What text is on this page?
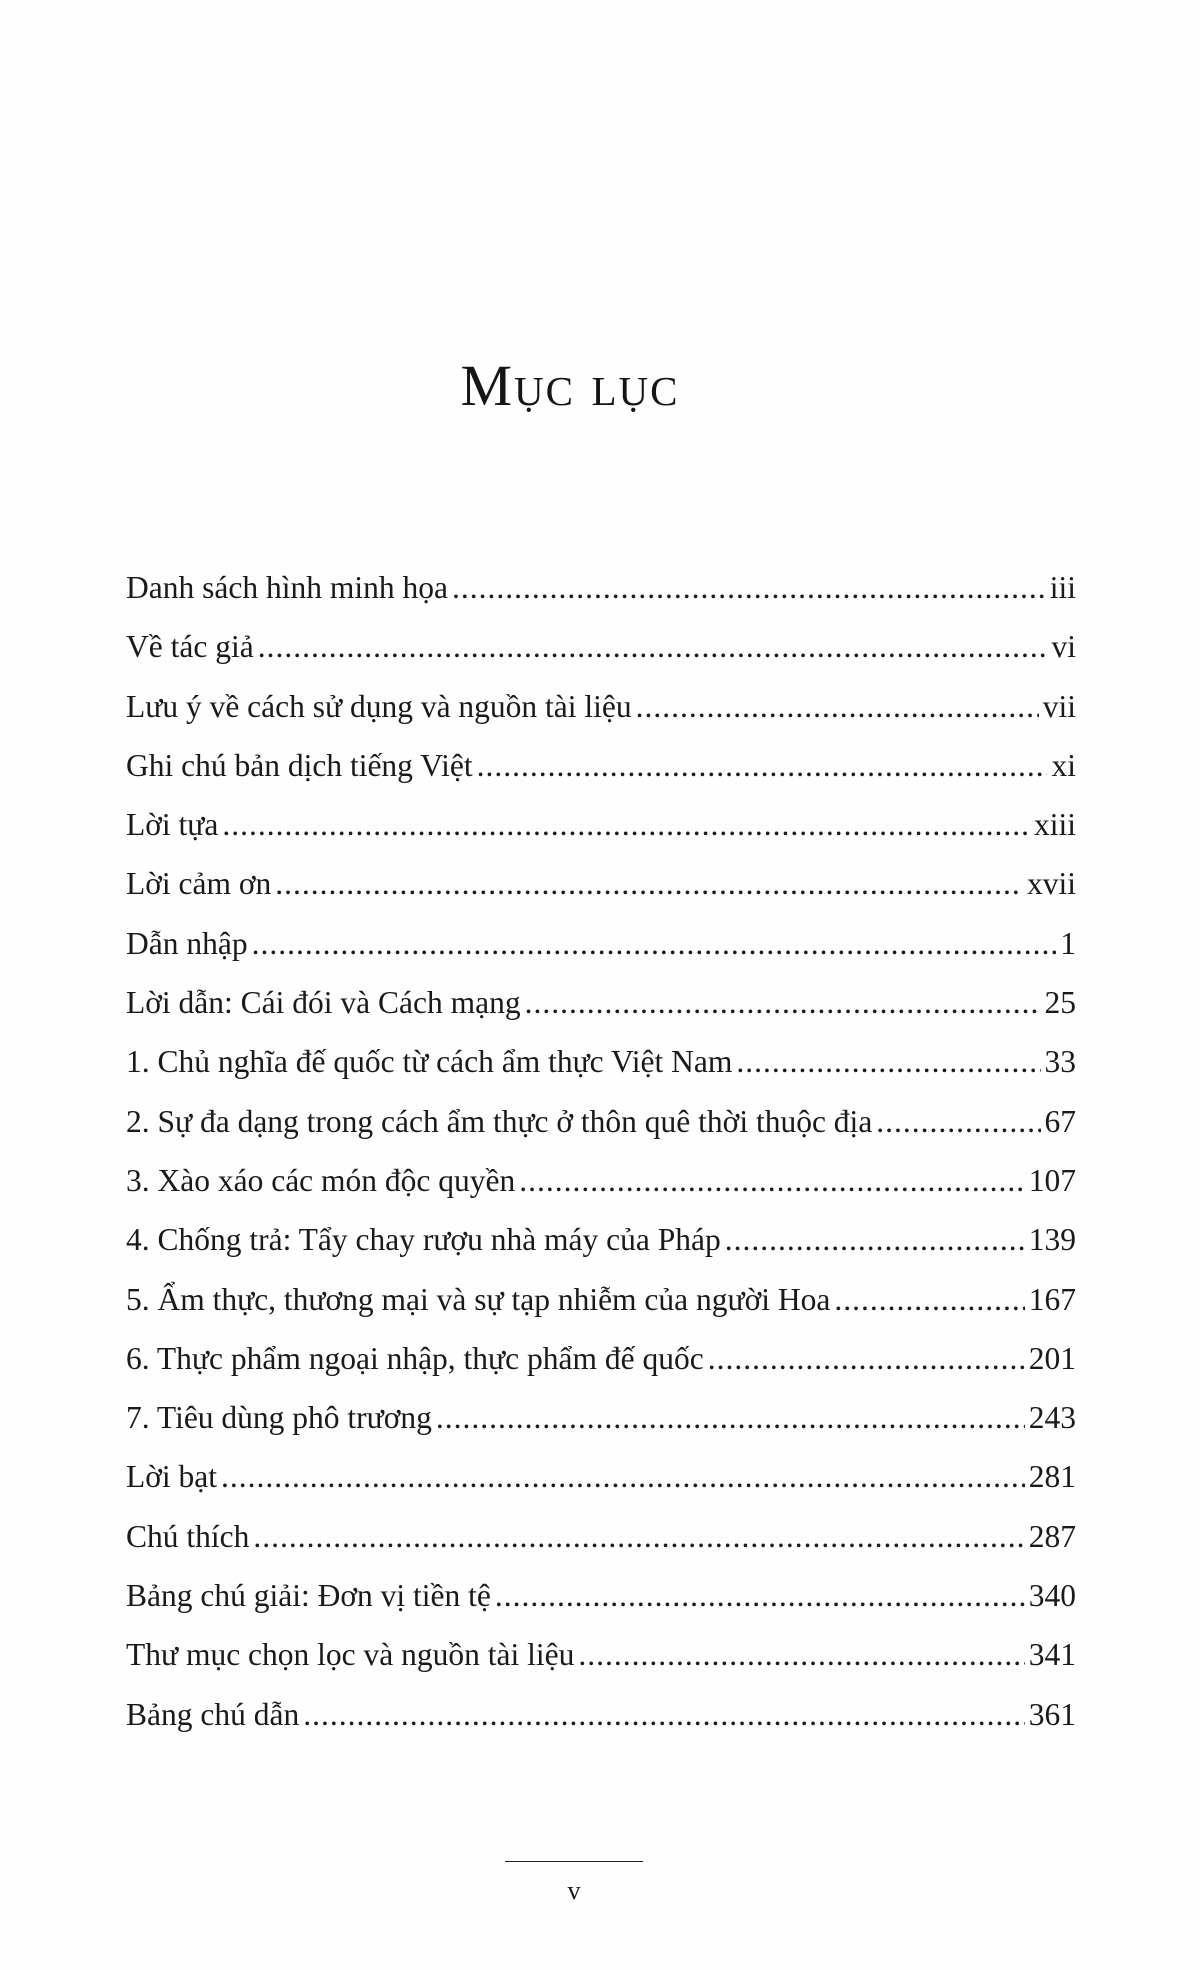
Mục lục
Danh sách hình minh họa .....	iii
Về tác giả .....	vi
Lưu ý về cách sử dụng và nguồn tài liệu .....	vii
Ghi chú bản dịch tiếng Việt .....	xi
Lời tựa .....	xiii
Lời cảm ơn .....	xvii
Dẫn nhập .....	1
Lời dẫn: Cái đói và Cách mạng .....	25
1. Chủ nghĩa đế quốc từ cách ẩm thực Việt Nam .....	33
2. Sự đa dạng trong cách ẩm thực ở thôn quê thời thuộc địa .....	67
3. Xào xáo các món độc quyền .....	107
4. Chống trả: Tẩy chay rượu nhà máy của Pháp .....	139
5. Ẩm thực, thương mại và sự tạp nhiễm của người Hoa .....	167
6. Thực phẩm ngoại nhập, thực phẩm đế quốc .....	201
7. Tiêu dùng phô trương .....	243
Lời bạt .....	281
Chú thích .....	287
Bảng chú giải: Đơn vị tiền tệ .....	340
Thư mục chọn lọc và nguồn tài liệu .....	341
Bảng chú dẫn .....	361
v
